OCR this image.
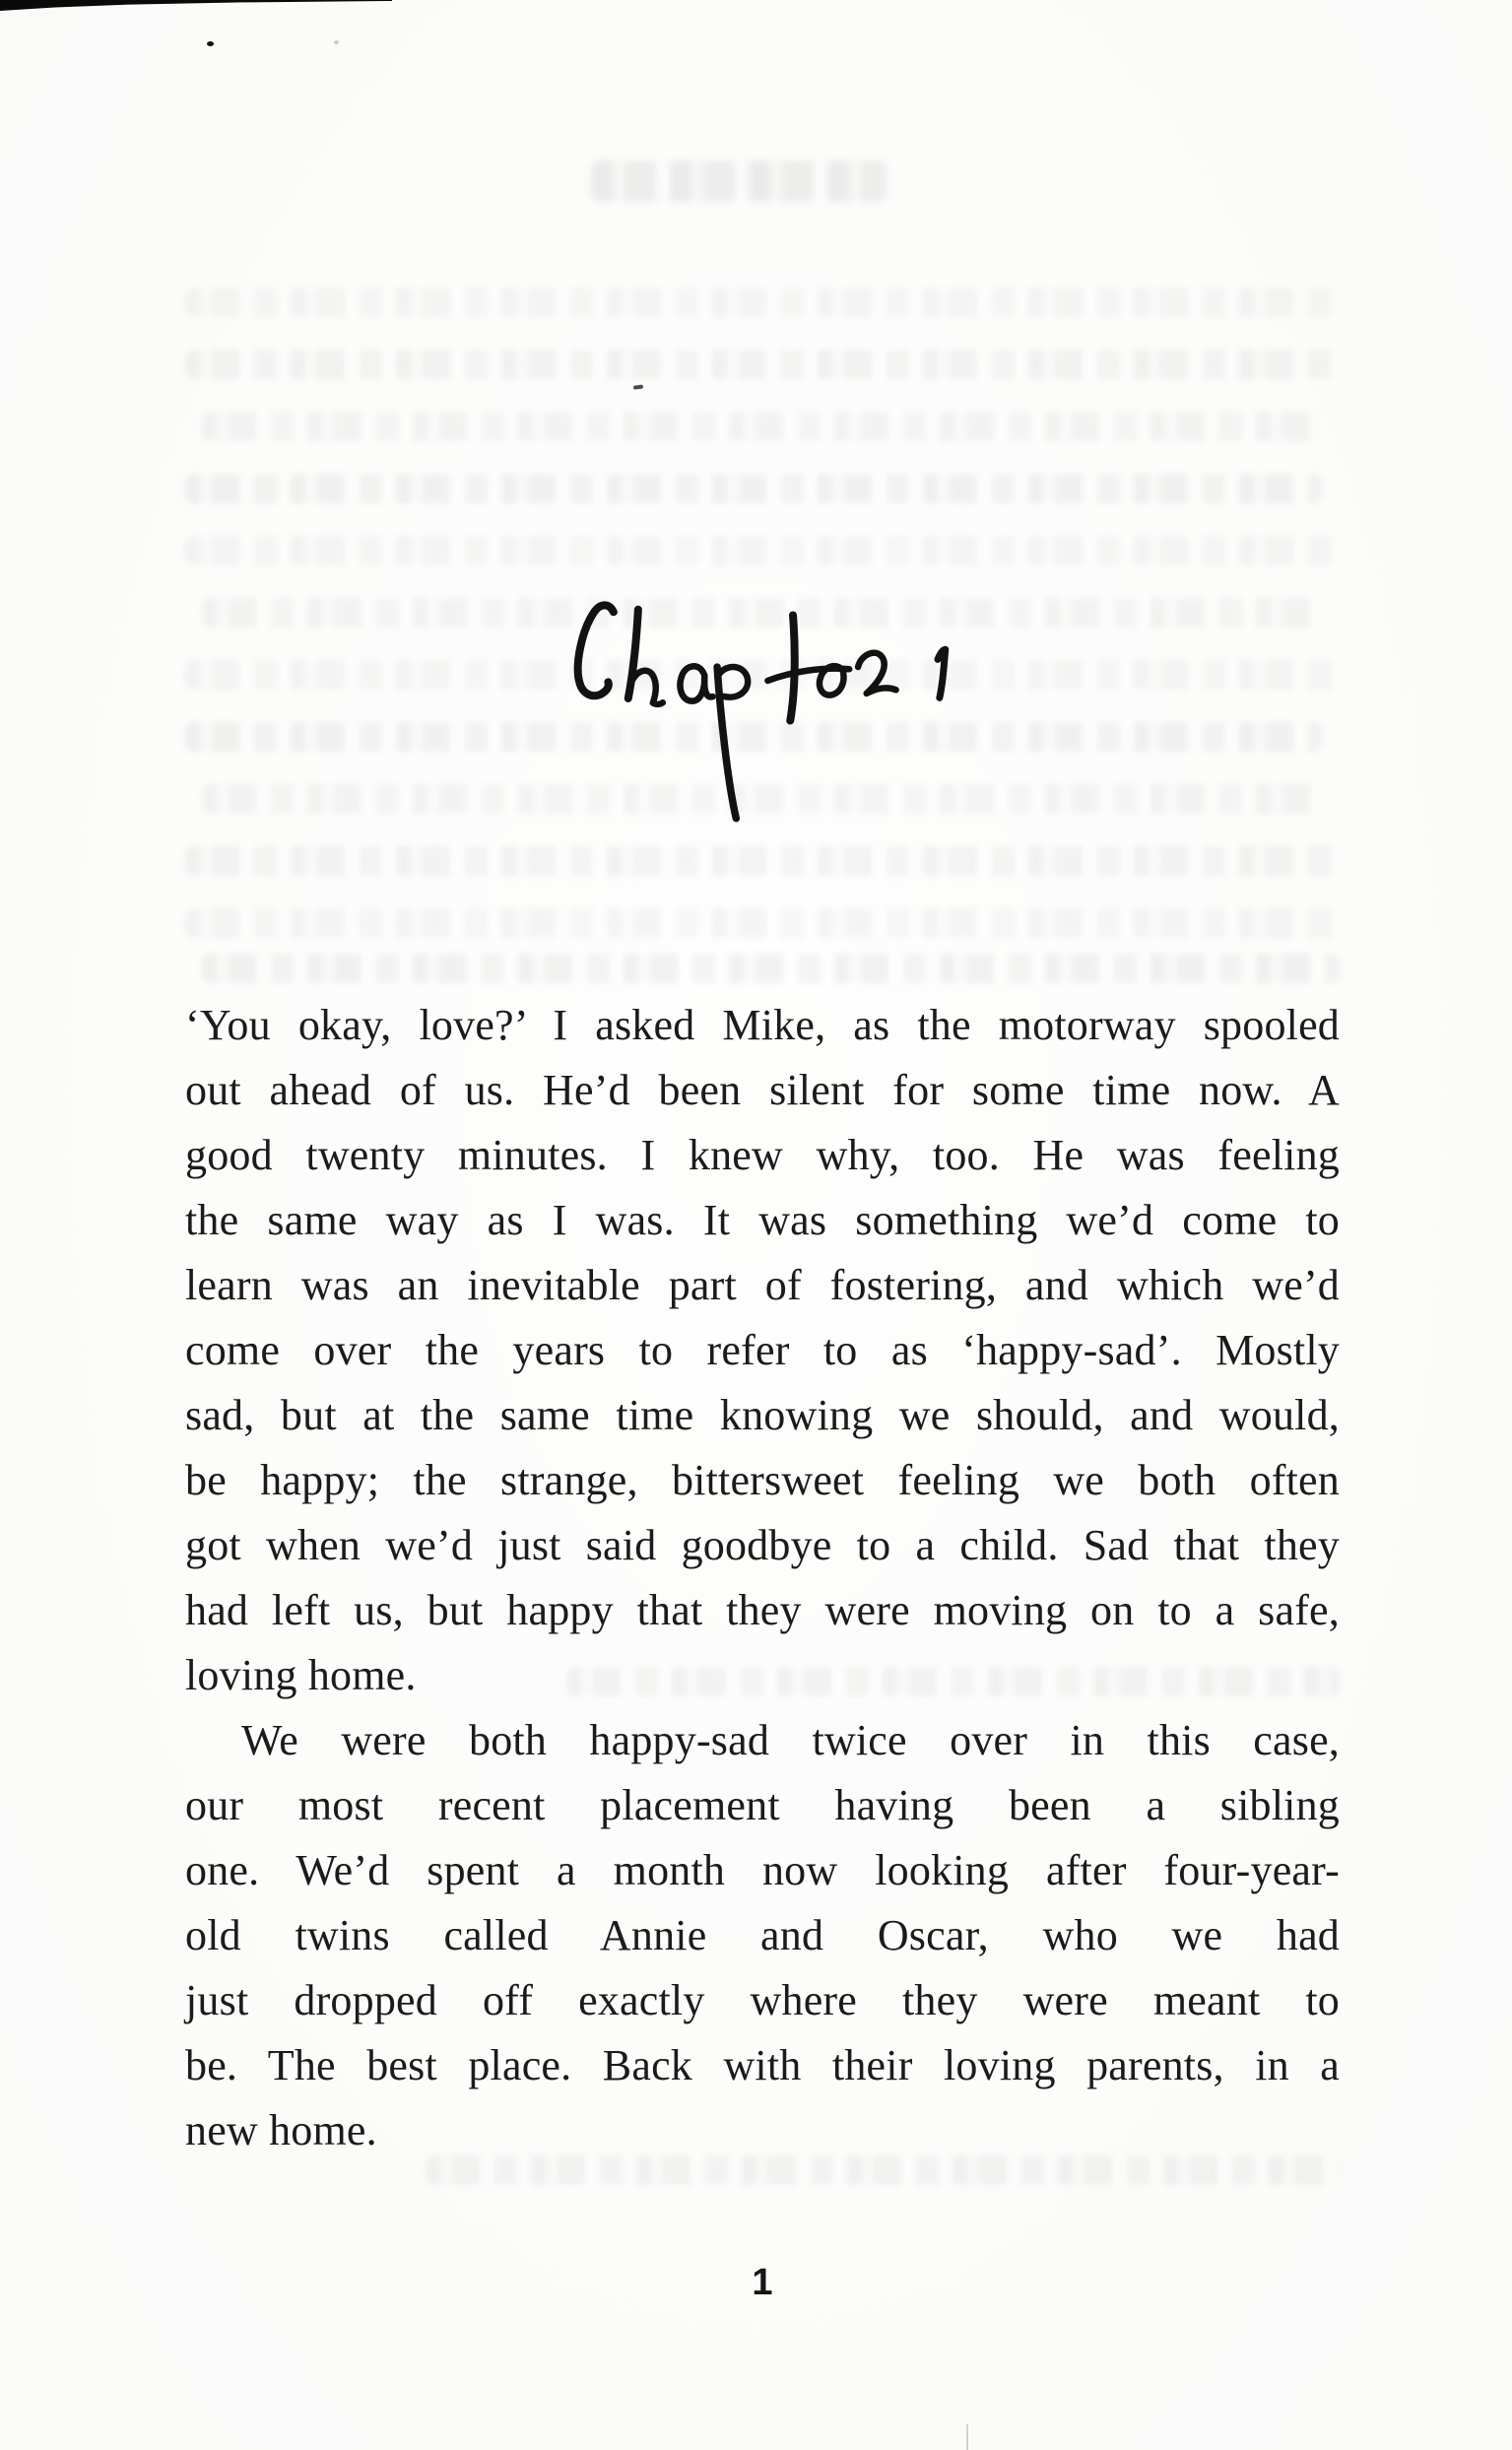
‘You okay, love?’ I asked Mike, as the motorway spooled
out ahead of us. He’d been silent for some time now. A
good twenty minutes. I knew why, too. He was feeling
the same way as I was. It was something we’d come to
learn was an inevitable part of fostering, and which we’d
come over the years to refer to as ‘happy-sad’. Mostly
sad, but at the same time knowing we should, and would,
be happy; the strange, bittersweet feeling we both often
got when we’d just said goodbye to a child. Sad that they
had left us, but happy that they were moving on to a safe,
loving home.
We were both happy-sad twice over in this case,
our most recent placement having been a sibling
one. We’d spent a month now looking after four-year-
old twins called Annie and Oscar, who we had
just dropped off exactly where they were meant to
be. The best place. Back with their loving parents, in a
new home.
1
